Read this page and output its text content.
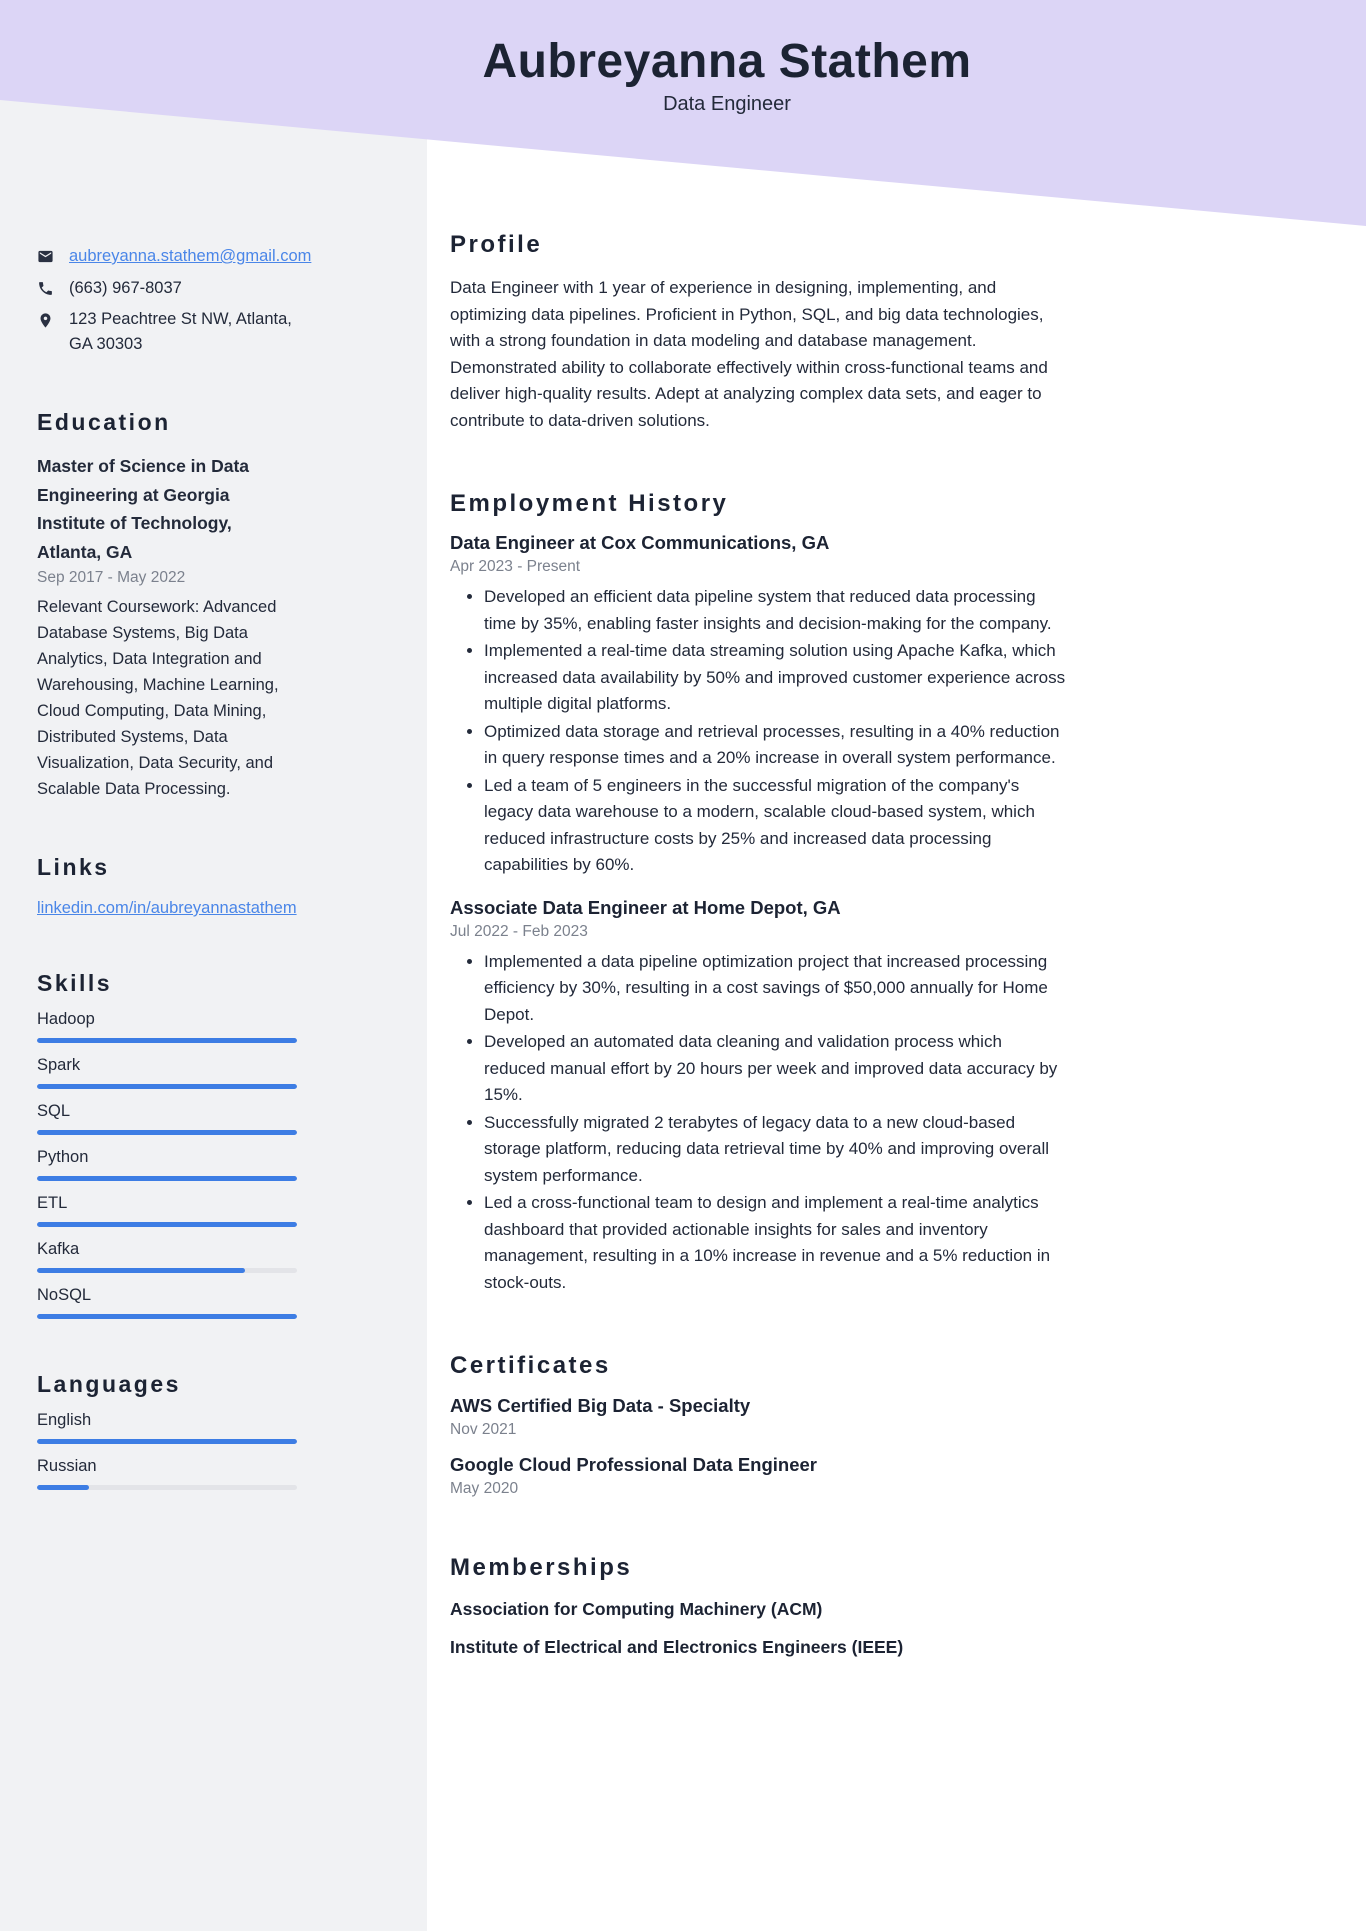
Aubreyanna Stathem
Data Engineer
aubreyanna.stathem@gmail.com
(663) 967-8037
123 Peachtree St NW, Atlanta,
GA 30303
Education
Master of Science in Data Engineering at Georgia Institute of Technology, Atlanta, GA
Sep 2017 - May 2022
Relevant Coursework: Advanced Database Systems, Big Data Analytics, Data Integration and Warehousing, Machine Learning, Cloud Computing, Data Mining, Distributed Systems, Data Visualization, Data Security, and Scalable Data Processing.
Links
linkedin.com/in/aubreyannastathem
Skills
Hadoop
Spark
SQL
Python
ETL
Kafka
NoSQL
Languages
English
Russian
Profile

Data Engineer with 1 year of experience in designing, implementing, and optimizing data pipelines. Proficient in Python, SQL, and big data technologies, with a strong foundation in data modeling and database management. Demonstrated ability to collaborate effectively within cross-functional teams and deliver high-quality results. Adept at analyzing complex data sets, and eager to contribute to data-driven solutions.

Employment History
Data Engineer at Cox Communications, GA
Apr 2023 - Present
• Developed an efficient data pipeline system that reduced data processing time by 35%, enabling faster insights and decision-making for the company.
• Implemented a real-time data streaming solution using Apache Kafka, which increased data availability by 50% and improved customer experience across multiple digital platforms.
• Optimized data storage and retrieval processes, resulting in a 40% reduction in query response times and a 20% increase in overall system performance.
• Led a team of 5 engineers in the successful migration of the company's legacy data warehouse to a modern, scalable cloud-based system, which reduced infrastructure costs by 25% and increased data processing capabilities by 60%.
Associate Data Engineer at Home Depot, GA
Jul 2022 - Feb 2023
• Implemented a data pipeline optimization project that increased processing efficiency by 30%, resulting in a cost savings of $50,000 annually for Home Depot.
• Developed an automated data cleaning and validation process which reduced manual effort by 20 hours per week and improved data accuracy by 15%.
• Successfully migrated 2 terabytes of legacy data to a new cloud-based storage platform, reducing data retrieval time by 40% and improving overall system performance.
• Led a cross-functional team to design and implement a real-time analytics dashboard that provided actionable insights for sales and inventory management, resulting in a 10% increase in revenue and a 5% reduction in stock-outs.
Certificates
AWS Certified Big Data - Specialty
Nov 2021
Google Cloud Professional Data Engineer
May 2020
Memberships
Association for Computing Machinery (ACM)
Institute of Electrical and Electronics Engineers (IEEE)
